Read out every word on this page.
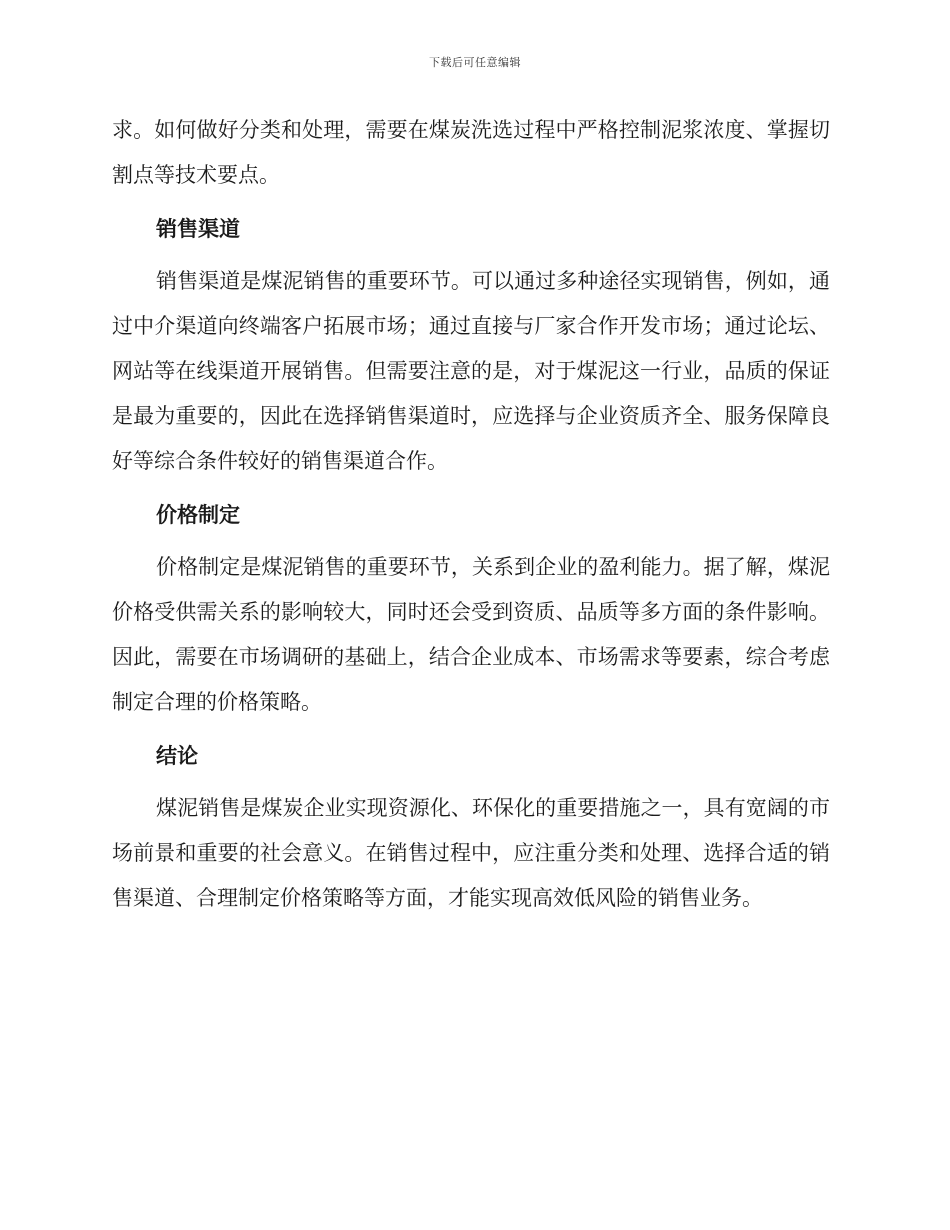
下载后可任意编辑

求。如何做好分类和处理，需要在煤炭洗选过程中严格控制泥浆浓度、掌握切割点等技术要点。

销售渠道

销售渠道是煤泥销售的重要环节。可以通过多种途径实现销售，例如，通过中介渠道向终端客户拓展市场；通过直接与厂家合作开发市场；通过论坛、网站等在线渠道开展销售。但需要注意的是，对于煤泥这一行业，品质的保证是最为重要的，因此在选择销售渠道时，应选择与企业资质齐全、服务保障良好等综合条件较好的销售渠道合作。

价格制定

价格制定是煤泥销售的重要环节，关系到企业的盈利能力。据了解，煤泥价格受供需关系的影响较大，同时还会受到资质、品质等多方面的条件影响。因此，需要在市场调研的基础上，结合企业成本、市场需求等要素，综合考虑制定合理的价格策略。

结论

煤泥销售是煤炭企业实现资源化、环保化的重要措施之一，具有宽阔的市场前景和重要的社会意义。在销售过程中，应注重分类和处理、选择合适的销售渠道、合理制定价格策略等方面，才能实现高效低风险的销售业务。
